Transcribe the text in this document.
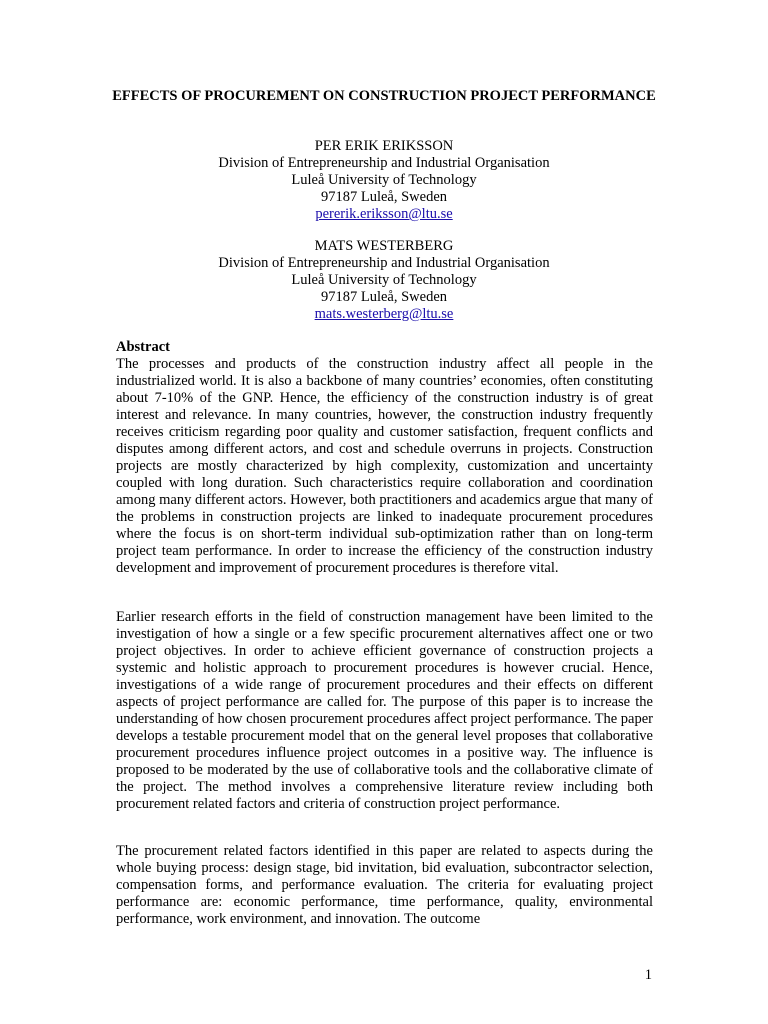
EFFECTS OF PROCUREMENT ON CONSTRUCTION PROJECT PERFORMANCE
PER ERIK ERIKSSON
Division of Entrepreneurship and Industrial Organisation
Luleå University of Technology
97187 Luleå, Sweden
pererik.eriksson@ltu.se
MATS WESTERBERG
Division of Entrepreneurship and Industrial Organisation
Luleå University of Technology
97187 Luleå, Sweden
mats.westerberg@ltu.se
Abstract

The processes and products of the construction industry affect all people in the industrialized world. It is also a backbone of many countries’ economies, often constituting about 7-10% of the GNP. Hence, the efficiency of the construction industry is of great interest and relevance. In many countries, however, the construction industry frequently receives criticism regarding poor quality and customer satisfaction, frequent conflicts and disputes among different actors, and cost and schedule overruns in projects. Construction projects are mostly characterized by high complexity, customization and uncertainty coupled with long duration. Such characteristics require collaboration and coordination among many different actors. However, both practitioners and academics argue that many of the problems in construction projects are linked to inadequate procurement procedures where the focus is on short-term individual sub-optimization rather than on long-term project team performance. In order to increase the efficiency of the construction industry development and improvement of procurement procedures is therefore vital.

Earlier research efforts in the field of construction management have been limited to the investigation of how a single or a few specific procurement alternatives affect one or two project objectives. In order to achieve efficient governance of construction projects a systemic and holistic approach to procurement procedures is however crucial. Hence, investigations of a wide range of procurement procedures and their effects on different aspects of project performance are called for. The purpose of this paper is to increase the understanding of how chosen procurement procedures affect project performance. The paper develops a testable procurement model that on the general level proposes that collaborative procurement procedures influence project outcomes in a positive way. The influence is proposed to be moderated by the use of collaborative tools and the collaborative climate of the project. The method involves a comprehensive literature review including both procurement related factors and criteria of construction project performance.

The procurement related factors identified in this paper are related to aspects during the whole buying process: design stage, bid invitation, bid evaluation, subcontractor selection, compensation forms, and performance evaluation. The criteria for evaluating project performance are: economic performance, time performance, quality, environmental performance, work environment, and innovation. The outcome

1
